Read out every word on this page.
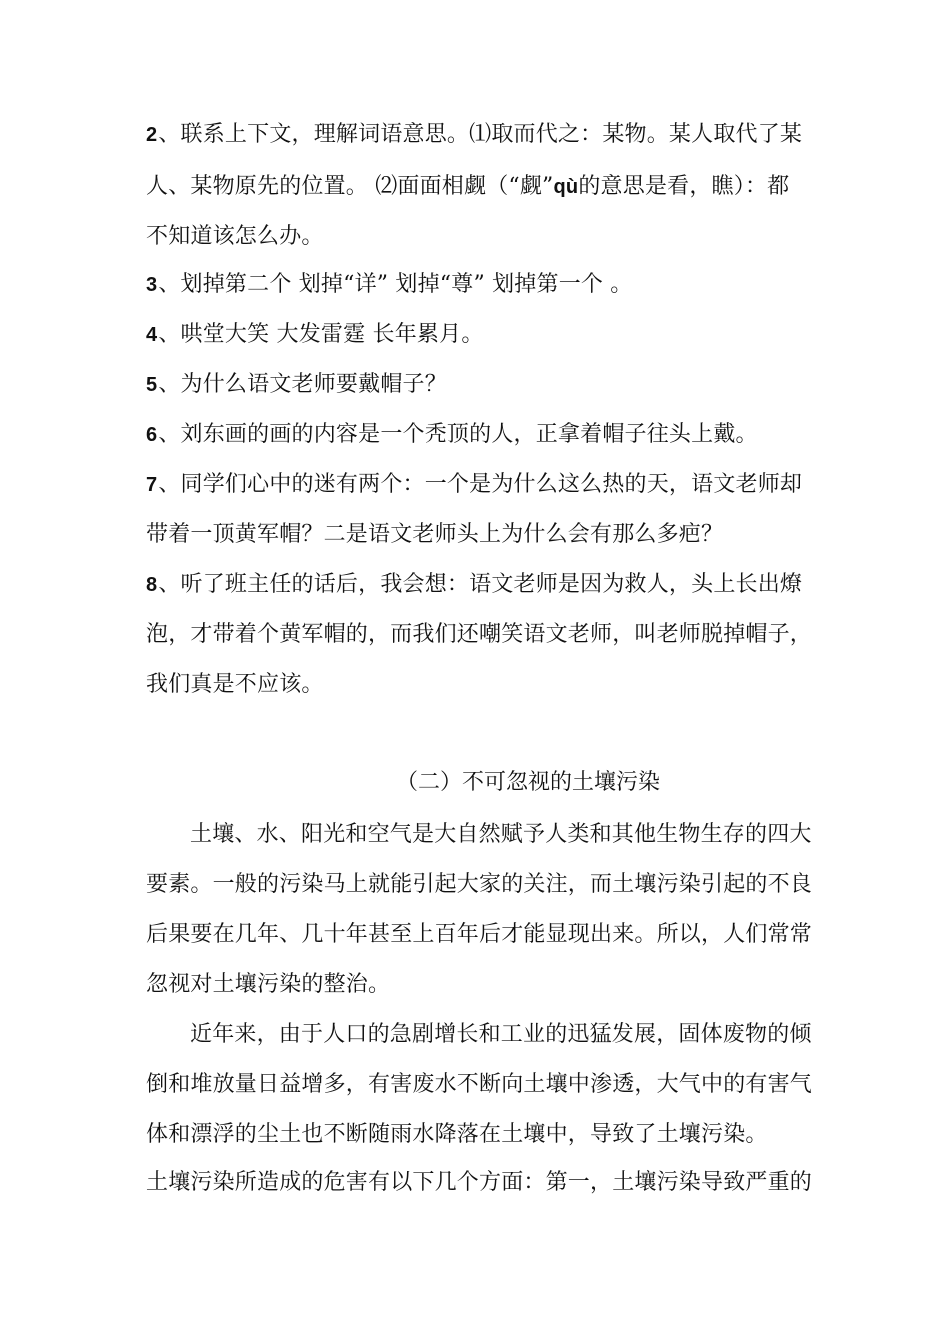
2、联系上下文，理解词语意思。⑴取而代之：某物。某人取代了某
人、某物原先的位置。 ⑵面面相觑（“觑”qù的意思是看，瞧）：都
不知道该怎么办。
3、划掉第二个 划掉“详” 划掉“尊” 划掉第一个 。
4、哄堂大笑 大发雷霆 长年累月。
5、为什么语文老师要戴帽子？
6、刘东画的画的内容是一个秃顶的人，正拿着帽子往头上戴。
7、同学们心中的迷有两个：一个是为什么这么热的天，语文老师却
带着一顶黄军帽？二是语文老师头上为什么会有那么多疤？
8、听了班主任的话后，我会想：语文老师是因为救人，头上长出燎
泡，才带着个黄军帽的，而我们还嘲笑语文老师，叫老师脱掉帽子，
我们真是不应该。
（二）不可忽视的土壤污染
土壤、水、阳光和空气是大自然赋予人类和其他生物生存的四大
要素。一般的污染马上就能引起大家的关注，而土壤污染引起的不良
后果要在几年、几十年甚至上百年后才能显现出来。所以，人们常常
忽视对土壤污染的整治。
近年来，由于人口的急剧增长和工业的迅猛发展，固体废物的倾
倒和堆放量日益增多，有害废水不断向土壤中渗透，大气中的有害气
体和漂浮的尘土也不断随雨水降落在土壤中，导致了土壤污染。
土壤污染所造成的危害有以下几个方面：第一，土壤污染导致严重的
